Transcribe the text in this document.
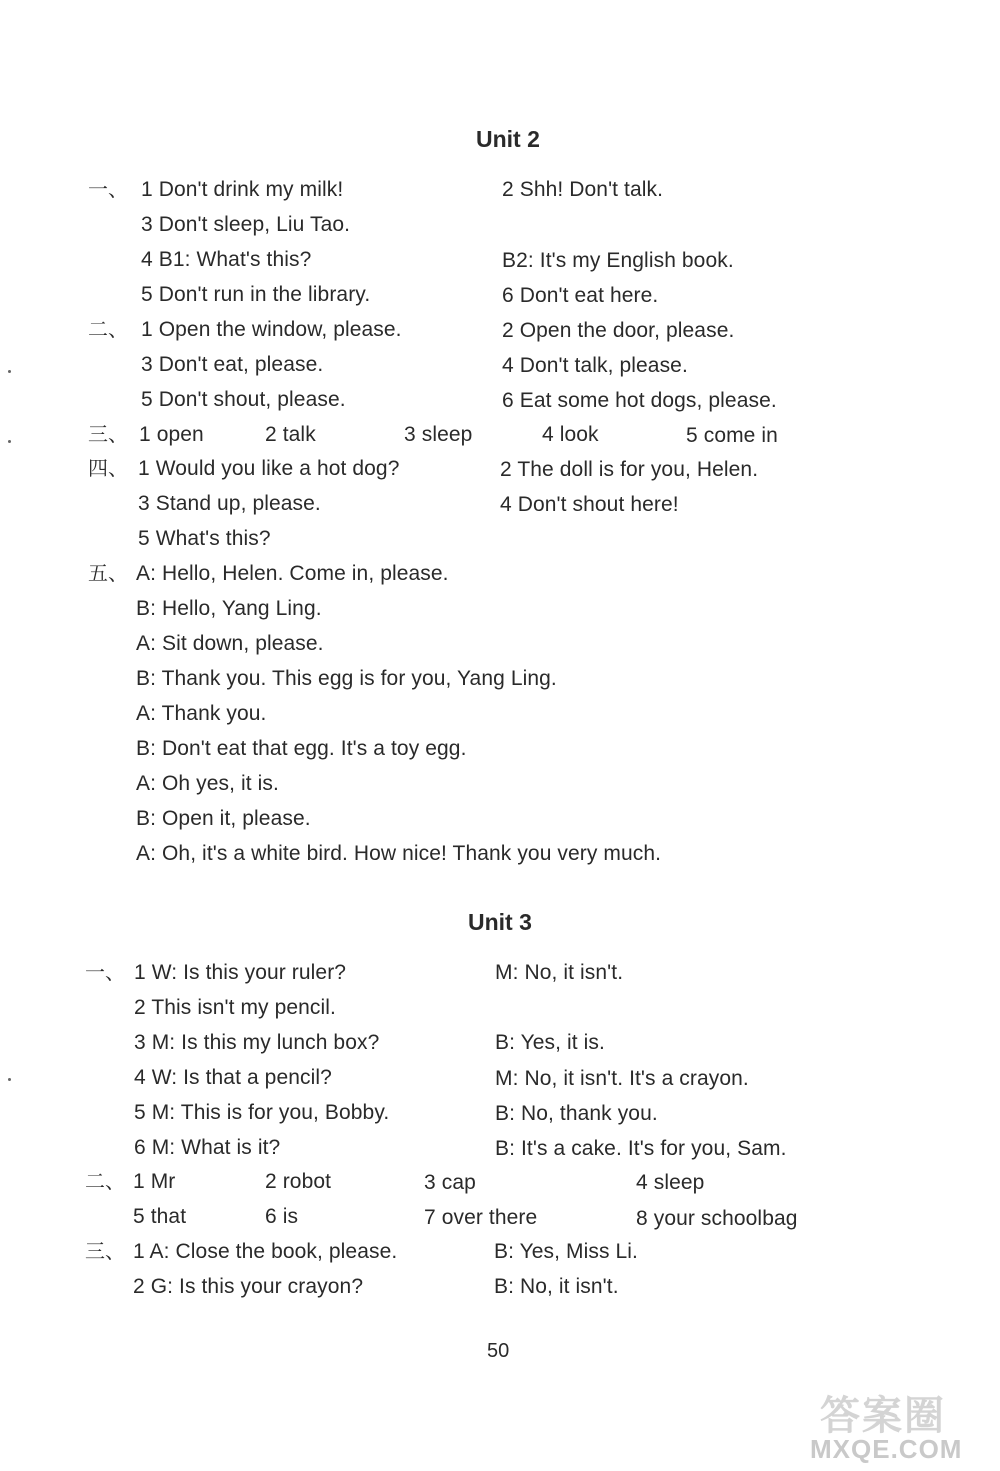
Unit 2
一、 1 Don't drink my milk!	2 Shh! Don't talk.
3 Don't sleep, Liu Tao.
4 B1: What's this?	B2: It's my English book.
5 Don't run in the library.	6 Don't eat here.
二、 1 Open the window, please.	2 Open the door, please.
3 Don't eat, please.	4 Don't talk, please.
5 Don't shout, please.	6 Eat some hot dogs, please.
三、 1 open	2 talk	3 sleep	4 look	5 come in
四、 1 Would you like a hot dog?	2 The doll is for you, Helen.
3 Stand up, please.	4 Don't shout here!
5 What's this?
五、 A: Hello, Helen. Come in, please.
B: Hello, Yang Ling.
A: Sit down, please.
B: Thank you. This egg is for you, Yang Ling.
A: Thank you.
B: Don't eat that egg. It's a toy egg.
A: Oh yes, it is.
B: Open it, please.
A: Oh, it's a white bird. How nice! Thank you very much.
Unit 3
一、 1 W: Is this your ruler?	M: No, it isn't.
2 This isn't my pencil.
3 M: Is this my lunch box?	B: Yes, it is.
4 W: Is that a pencil?	M: No, it isn't. It's a crayon.
5 M: This is for you, Bobby.	B: No, thank you.
6 M: What is it?	B: It's a cake. It's for you, Sam.
二、 1 Mr	2 robot	3 cap	4 sleep
5 that	6 is	7 over there	8 your schoolbag
三、 1 A: Close the book, please.	B: Yes, Miss Li.
2 G: Is this your crayon?	B: No, it isn't.
50
答案圈
MXQE.COM
